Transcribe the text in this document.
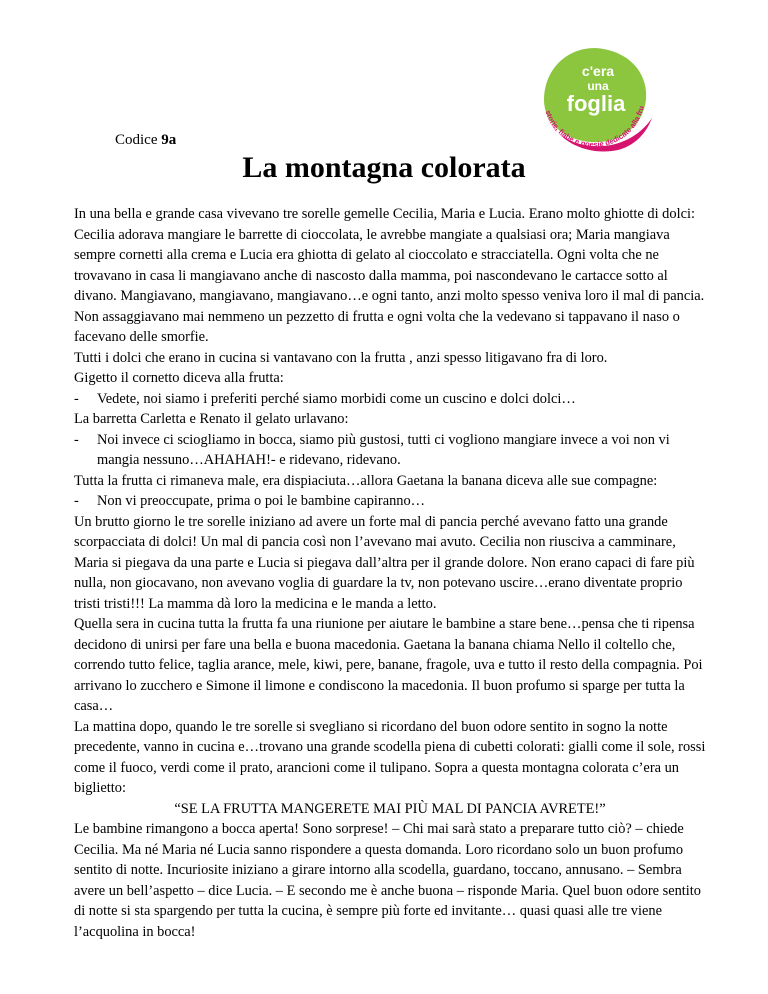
c'era
una
foglia
storie, fiabe e poesie dedicate alla fru
Codice 9a
La montagna colorata

In una bella e grande casa vivevano tre sorelle gemelle Cecilia, Maria e Lucia. Erano molto ghiotte di dolci: Cecilia adorava mangiare le barrette di cioccolata, le avrebbe mangiate a qualsiasi ora; Maria mangiava sempre cornetti alla crema e Lucia era ghiotta di gelato al cioccolato e stracciatella. Ogni volta che ne trovavano in casa li mangiavano anche di nascosto dalla mamma, poi nascondevano le cartacce sotto al divano. Mangiavano, mangiavano, mangiavano…e ogni tanto, anzi molto spesso veniva loro il mal di pancia. Non assaggiavano mai nemmeno un pezzetto di frutta e ogni volta che la vedevano si tappavano il naso o facevano delle smorfie.

Tutti i dolci che erano in cucina si vantavano con la frutta , anzi spesso litigavano fra di loro.

Gigetto il cornetto diceva alla frutta:

- Vedete, noi siamo i preferiti perché siamo morbidi come un cuscino e dolci dolci…

La barretta Carletta e Renato il gelato urlavano:

- Noi invece ci sciogliamo in bocca, siamo più gustosi, tutti ci vogliono mangiare invece a voi non vi mangia nessuno…AHAHAH!- e ridevano, ridevano.

Tutta la frutta ci rimaneva male, era dispiaciuta…allora Gaetana la banana diceva alle sue compagne:

- Non vi preoccupate, prima o poi le bambine capiranno…

Un brutto giorno le tre sorelle iniziano ad avere un forte mal di pancia perché avevano fatto una grande scorpacciata di dolci! Un mal di pancia così non l’avevano mai avuto. Cecilia non riusciva a camminare, Maria si piegava da una parte e Lucia si piegava dall’altra per il grande dolore. Non erano capaci di fare più nulla, non giocavano, non avevano voglia di guardare la tv, non potevano uscire…erano diventate proprio tristi tristi!!! La mamma dà loro la medicina e le manda a letto.

Quella sera in cucina tutta la frutta fa una riunione per aiutare le bambine a stare bene…pensa che ti ripensa decidono di unirsi per fare una bella e buona macedonia. Gaetana la banana chiama Nello il coltello che, correndo tutto felice, taglia arance, mele, kiwi, pere, banane, fragole, uva e tutto il resto della compagnia. Poi arrivano lo zucchero e Simone il limone e condiscono la macedonia. Il buon profumo si sparge per tutta la casa…

La mattina dopo, quando le tre sorelle si svegliano si ricordano del buon odore sentito in sogno la notte precedente, vanno in cucina e…trovano una grande scodella piena di cubetti colorati: gialli come il sole, rossi come il fuoco, verdi come il prato, arancioni come il tulipano. Sopra a questa montagna colorata c’era un biglietto:

“SE LA FRUTTA MANGERETE MAI PIÙ MAL DI PANCIA AVRETE!”

Le bambine rimangono a bocca aperta! Sono sorprese! – Chi mai sarà stato a preparare tutto ciò? – chiede Cecilia. Ma né Maria né Lucia sanno rispondere a questa domanda. Loro ricordano solo un buon profumo sentito di notte. Incuriosite iniziano a girare intorno alla scodella, guardano, toccano, annusano. – Sembra avere un bell’aspetto – dice Lucia. – E secondo me è anche buona – risponde Maria. Quel buon odore sentito di notte si sta spargendo per tutta la cucina, è sempre più forte ed invitante… quasi quasi alle tre viene l’acquolina in bocca!
